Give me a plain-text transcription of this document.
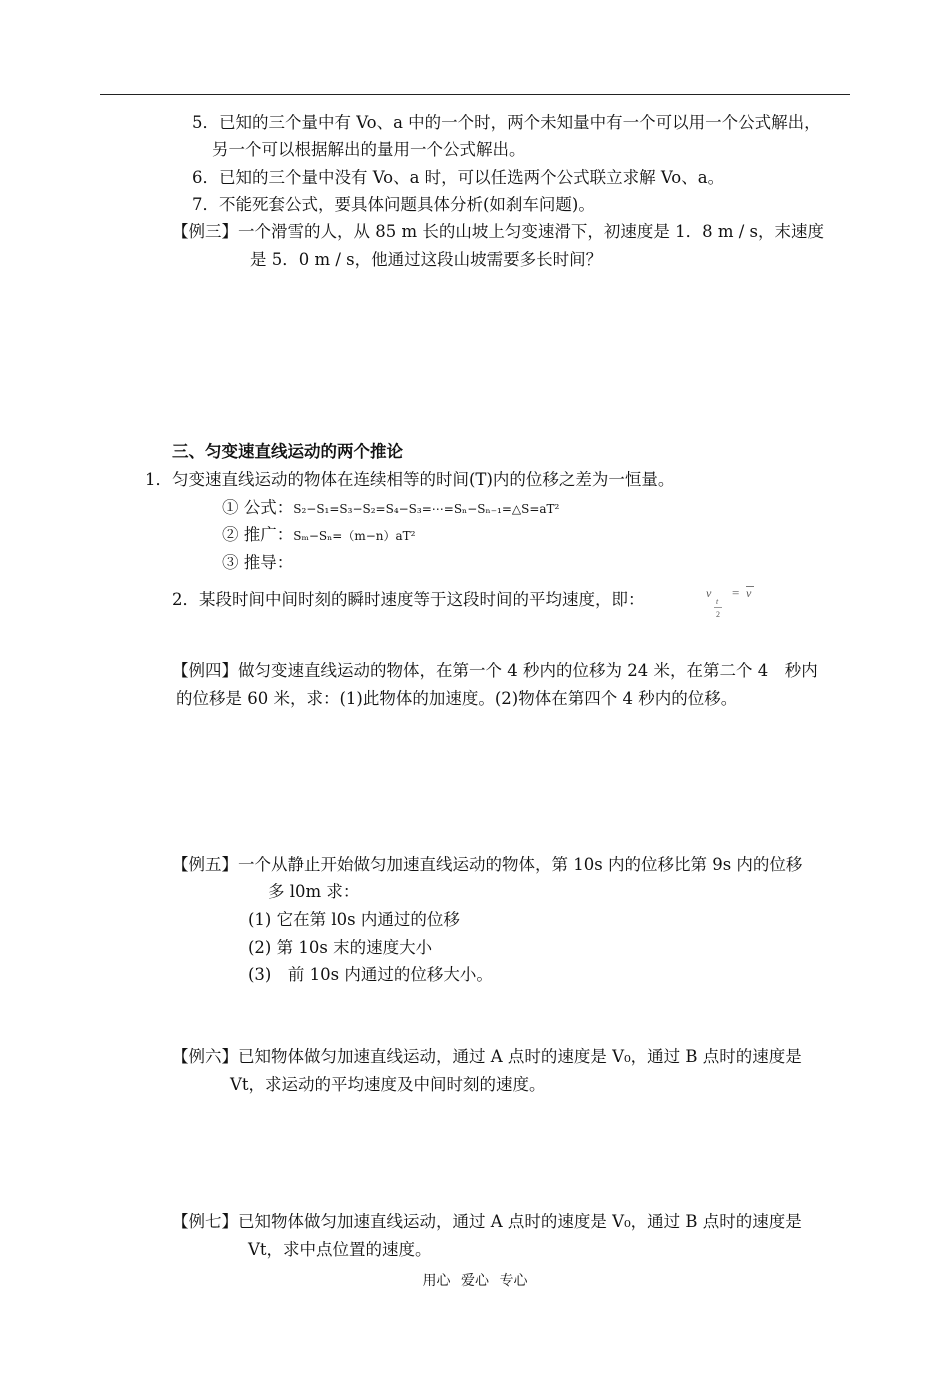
5．已知的三个量中有 Vo、a 中的一个时，两个未知量中有一个可以用一个公式解出，
另一个可以根据解出的量用一个公式解出。
6．已知的三个量中没有 Vo、a 时，可以任选两个公式联立求解 Vo、a。
7．不能死套公式，要具体问题具体分析(如刹车问题)。
【例三】一个滑雪的人，从 85 m 长的山坡上匀变速滑下，初速度是 1．8 m / s，末速度
是 5．0 m / s，他通过这段山坡需要多长时间？
三、匀变速直线运动的两个推论
1．匀变速直线运动的物体在连续相等的时间(T)内的位移之差为一恒量。
① 公式：S₂−S₁=S₃−S₂=S₄−S₃=⋯=Sₙ−Sₙ₋₁=△S=aT²
② 推广：Sₘ−Sₙ=（m−n）aT²
③ 推导：
2．某段时间中间时刻的瞬时速度等于这段时间的平均速度，即：	v
t
2
= v
【例四】做匀变速直线运动的物体，在第一个 4 秒内的位移为 24 米，在第二个 4　秒内
的位移是 60 米，求：(1)此物体的加速度。(2)物体在第四个 4 秒内的位移。
【例五】一个从静止开始做匀加速直线运动的物体，第 10s 内的位移比第 9s 内的位移
多 l0m 求：
(1) 它在第 l0s 内通过的位移
(2) 第 10s 末的速度大小
(3)　前 10s 内通过的位移大小。
【例六】已知物体做匀加速直线运动，通过 A 点时的速度是 V₀，通过 B 点时的速度是
Vt，求运动的平均速度及中间时刻的速度。
【例七】已知物体做匀加速直线运动，通过 A 点时的速度是 V₀，通过 B 点时的速度是
Vt，求中点位置的速度。
用心 爱心 专心
